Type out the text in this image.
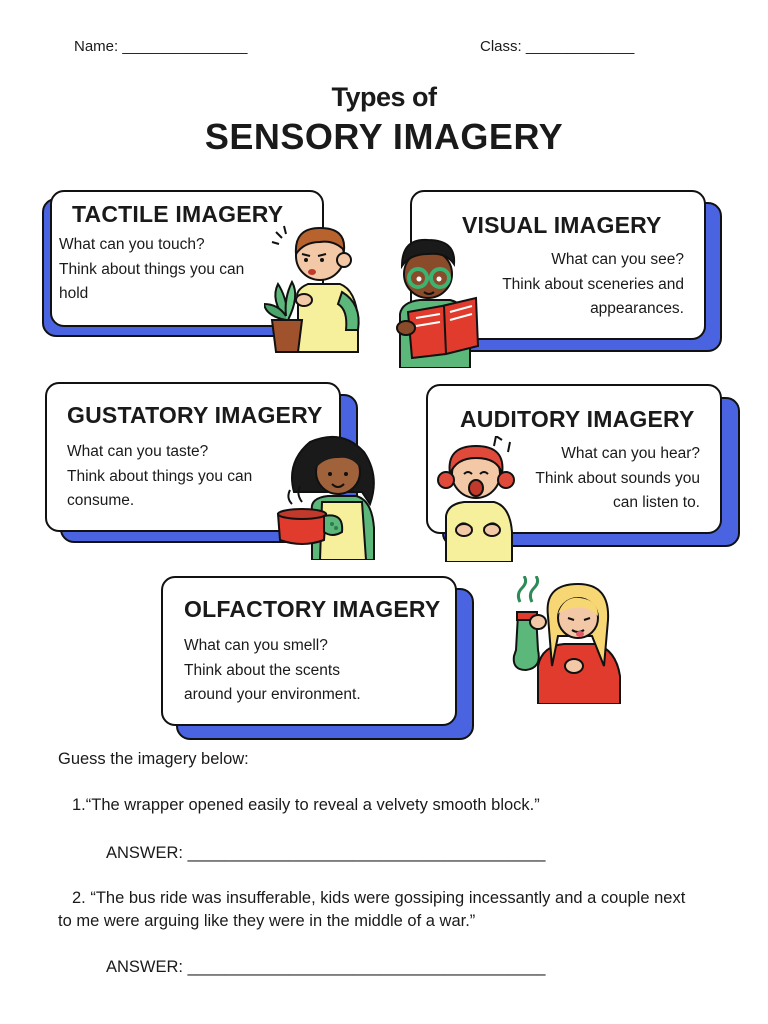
Name: _______________	Class: _____________
Types of
SENSORY IMAGERY
TACTILE IMAGERY
What can you touch?
Think about things you can
hold
VISUAL IMAGERY
What can you see?
Think about sceneries and
appearances.
GUSTATORY IMAGERY
What can you taste?
Think about things you can
consume.
AUDITORY IMAGERY
What can you hear?
Think about sounds you
can listen to.
OLFACTORY IMAGERY
What can you smell?
Think about the scents
around your environment.
Guess the imagery below:
1.“The wrapper opened easily to reveal a velvety smooth block.”
ANSWER: _______________________________________
2. “The bus ride was insufferable, kids were gossiping incessantly and a couple next
to me were arguing like they were in the middle of a war.”
ANSWER: _______________________________________
